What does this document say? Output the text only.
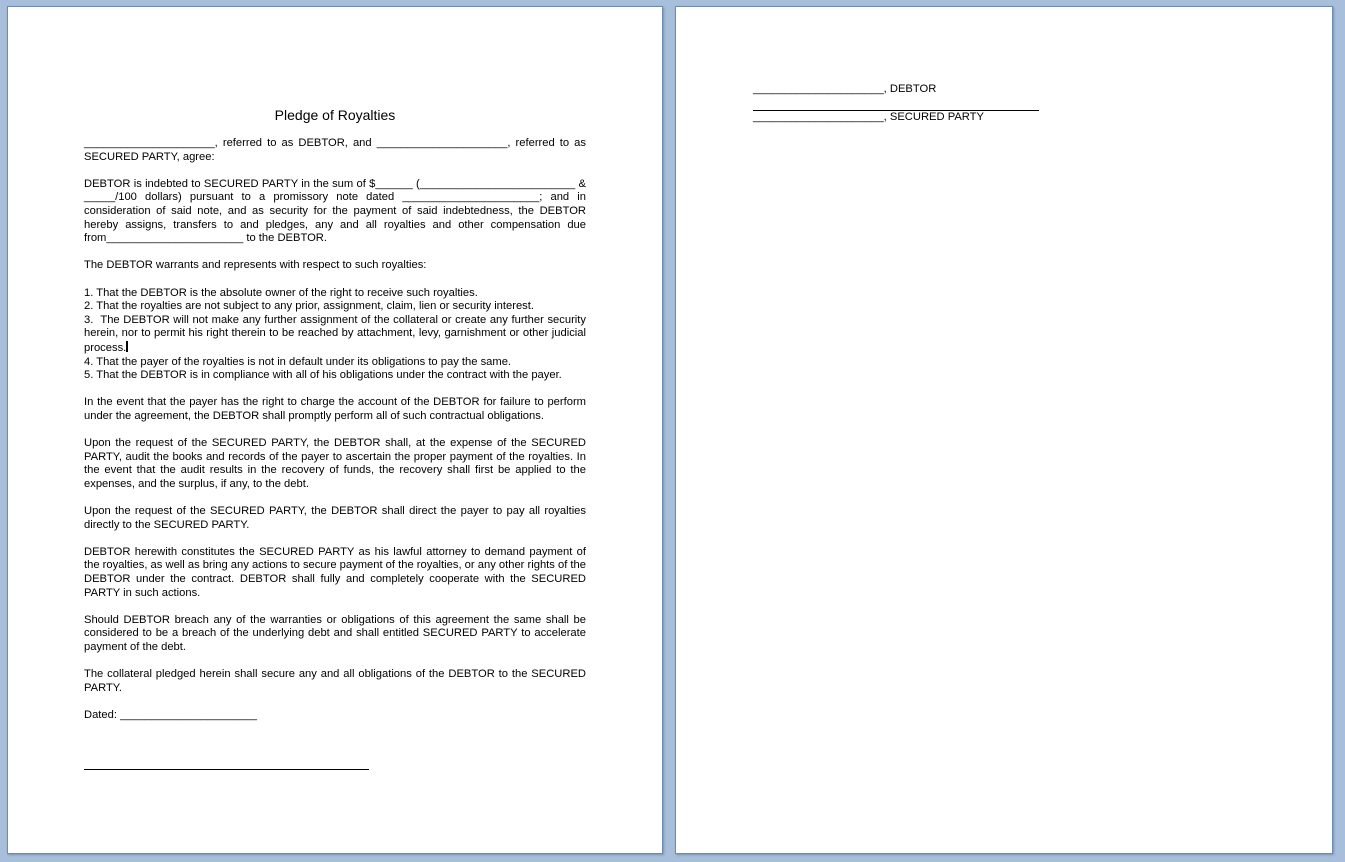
Pledge of Royalties

_____________________, referred to as DEBTOR, and _____________________, referred to as SECURED PARTY, agree:

DEBTOR is indebted to SECURED PARTY in the sum of $______ (_________________________ & _____/100 dollars) pursuant to a promissory note dated ______________________; and in consideration of said note, and as security for the payment of said indebtedness, the DEBTOR hereby assigns, transfers to and pledges, any and all royalties and other compensation due from______________________ to the DEBTOR.

The DEBTOR warrants and represents with respect to such royalties:

1. That the DEBTOR is the absolute owner of the right to receive such royalties.

2. That the royalties are not subject to any prior, assignment, claim, lien or security interest.

3.  The DEBTOR will not make any further assignment of the collateral or create any further security herein, nor to permit his right therein to be reached by attachment, levy, garnishment or other judicial process.

4. That the payer of the royalties is not in default under its obligations to pay the same.

5. That the DEBTOR is in compliance with all of his obligations under the contract with the payer.

In the event that the payer has the right to charge the account of the DEBTOR for failure to perform under the agreement, the DEBTOR shall promptly perform all of such contractual obligations.

Upon the request of the SECURED PARTY, the DEBTOR shall, at the expense of the SECURED PARTY, audit the books and records of the payer to ascertain the proper payment of the royalties. In the event that the audit results in the recovery of funds, the recovery shall first be applied to the expenses, and the surplus, if any, to the debt.

Upon the request of the SECURED PARTY, the DEBTOR shall direct the payer to pay all royalties directly to the SECURED PARTY.

DEBTOR herewith constitutes the SECURED PARTY as his lawful attorney to demand payment of the royalties, as well as bring any actions to secure payment of the royalties, or any other rights of the DEBTOR under the contract. DEBTOR shall fully and completely cooperate with the SECURED PARTY in such actions.

Should DEBTOR breach any of the warranties or obligations of this agreement the same shall be considered to be a breach of the underlying debt and shall entitled SECURED PARTY to accelerate payment of the debt.

The collateral pledged herein shall secure any and all obligations of the DEBTOR to the SECURED PARTY.

Dated: ______________________

_____________________, DEBTOR
_____________________, SECURED PARTY
